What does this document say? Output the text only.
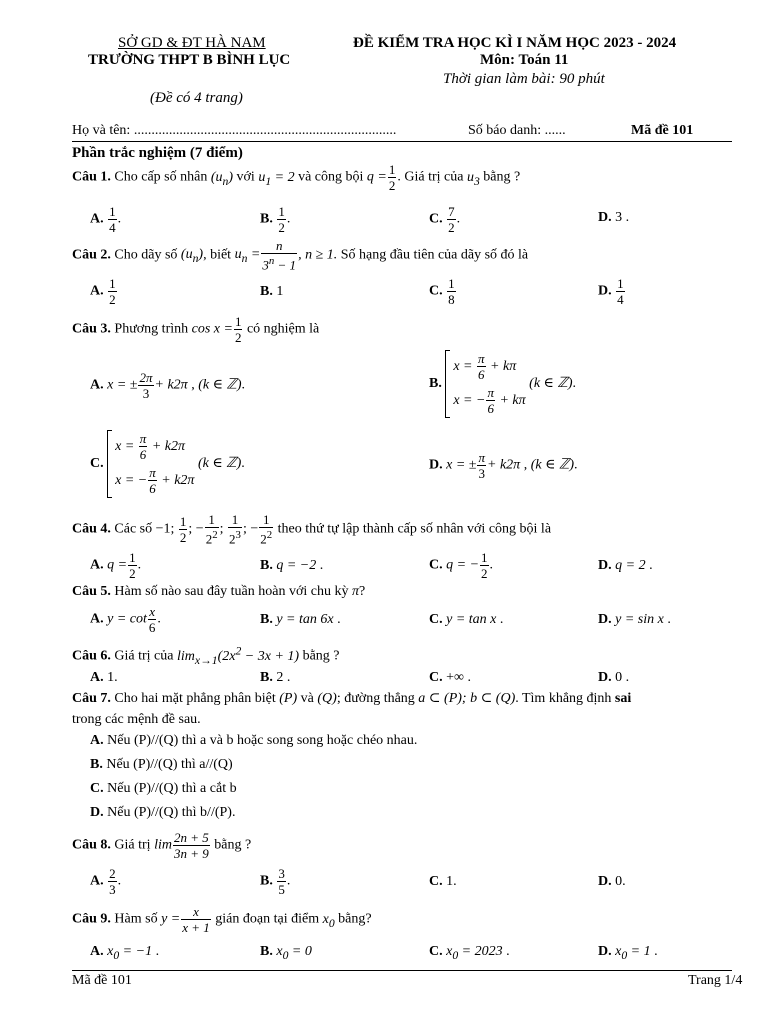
SỞ GD & ĐT HÀ NAM
TRƯỜNG THPT B BÌNH LỤC
(Đề có 4 trang)
ĐỀ KIỂM TRA HỌC KÌ I NĂM HỌC 2023 - 2024
Môn: Toán 11
Thời gian làm bài: 90 phút
Họ và tên: ...........................................................................	Số báo danh: ......	Mã đề 101
Phần trắc nghiệm (7 điểm)
Câu 1. Cho cấp số nhân $(u_n)$ với $u_1 = 2$ và công bội $q = \frac{1}{2}$ . Giá trị của $u_3$ bằng ?
A. $\frac{1}{4}$ .	B. $\frac{1}{2}$ .	C. $\frac{7}{2}$ .	D. 3 .
Câu 2. Cho dãy số $(u_n)$, biết $u_n = \frac{n}{3^n - 1}$ , n ≥ 1. Số hạng đầu tiên của dãy số đó là
A. $\frac{1}{2}$	B. 1	C. $\frac{1}{8}$	D. $\frac{1}{4}$
Câu 3. Phương trình $\cos x = \frac{1}{2}$ có nghiệm là
A. x = ± $\frac{2\pi}{3} + k2\pi$ , (k ∈ ℤ).	B.
$x = \frac{\pi}{6} + k\pi$
x = − $\frac{\pi}{6} + k\pi$
(k ∈ ℤ).
C.
$x = \frac{\pi}{6} + k2\pi$
x = − $\frac{\pi}{6} + k2\pi$
(k ∈ ℤ).	D. x = ± $\frac{\pi}{3} + k2\pi$ , (k ∈ ℤ).
Câu 4. Các số −1; $\frac{1}{2}$ ; − $\frac{1}{2^2}$ ; $\frac{1}{2^3}$ ; − $\frac{1}{2^2}$ theo thứ tự lập thành cấp số nhân với công bội là
A. $q = \frac{1}{2}$ .	B. q = −2 .	C. q = − $\frac{1}{2}$ .	D. q = 2 .
Câu 5. Hàm số nào sau đây tuần hoàn với chu kỳ π?
A. $y = \cot \frac{x}{6}$ .	B. y = tan 6x .	C. y = tan x .	D. y = sin x .
Câu 6. Giá trị của $\lim_{x\to 1}(2x^2 - 3x + 1)$ bằng ?
A. 1.	B. 2 .	C. +∞ .	D. 0 .
Câu 7. Cho hai mặt phẳng phân biệt (P) và (Q); đường thẳng a ⊂ (P); b ⊂ (Q). Tìm khẳng định sai
trong các mệnh đề sau.
A. Nếu (P)//(Q) thì a và b hoặc song song hoặc chéo nhau.
B. Nếu (P)//(Q) thì a//(Q)
C. Nếu (P)//(Q) thì a cắt b
D. Nếu (P)//(Q) thì b//(P).
Câu 8. Giá trị $\lim \frac{2n + 5}{3n + 9}$ bằng ?
A. $\frac{2}{3}$ .	B. $\frac{3}{5}$ .	C. 1.	D. 0.
Câu 9. Hàm số $y = \frac{x}{x + 1}$ gián đoạn tại điểm $x_0$ bằng?
A. $x_0 = -1$ .	B. $x_0 = 0$	C. $x_0 = 2023$ .	D. $x_0 = 1$ .
Mã đề 101	Trang 1/4
